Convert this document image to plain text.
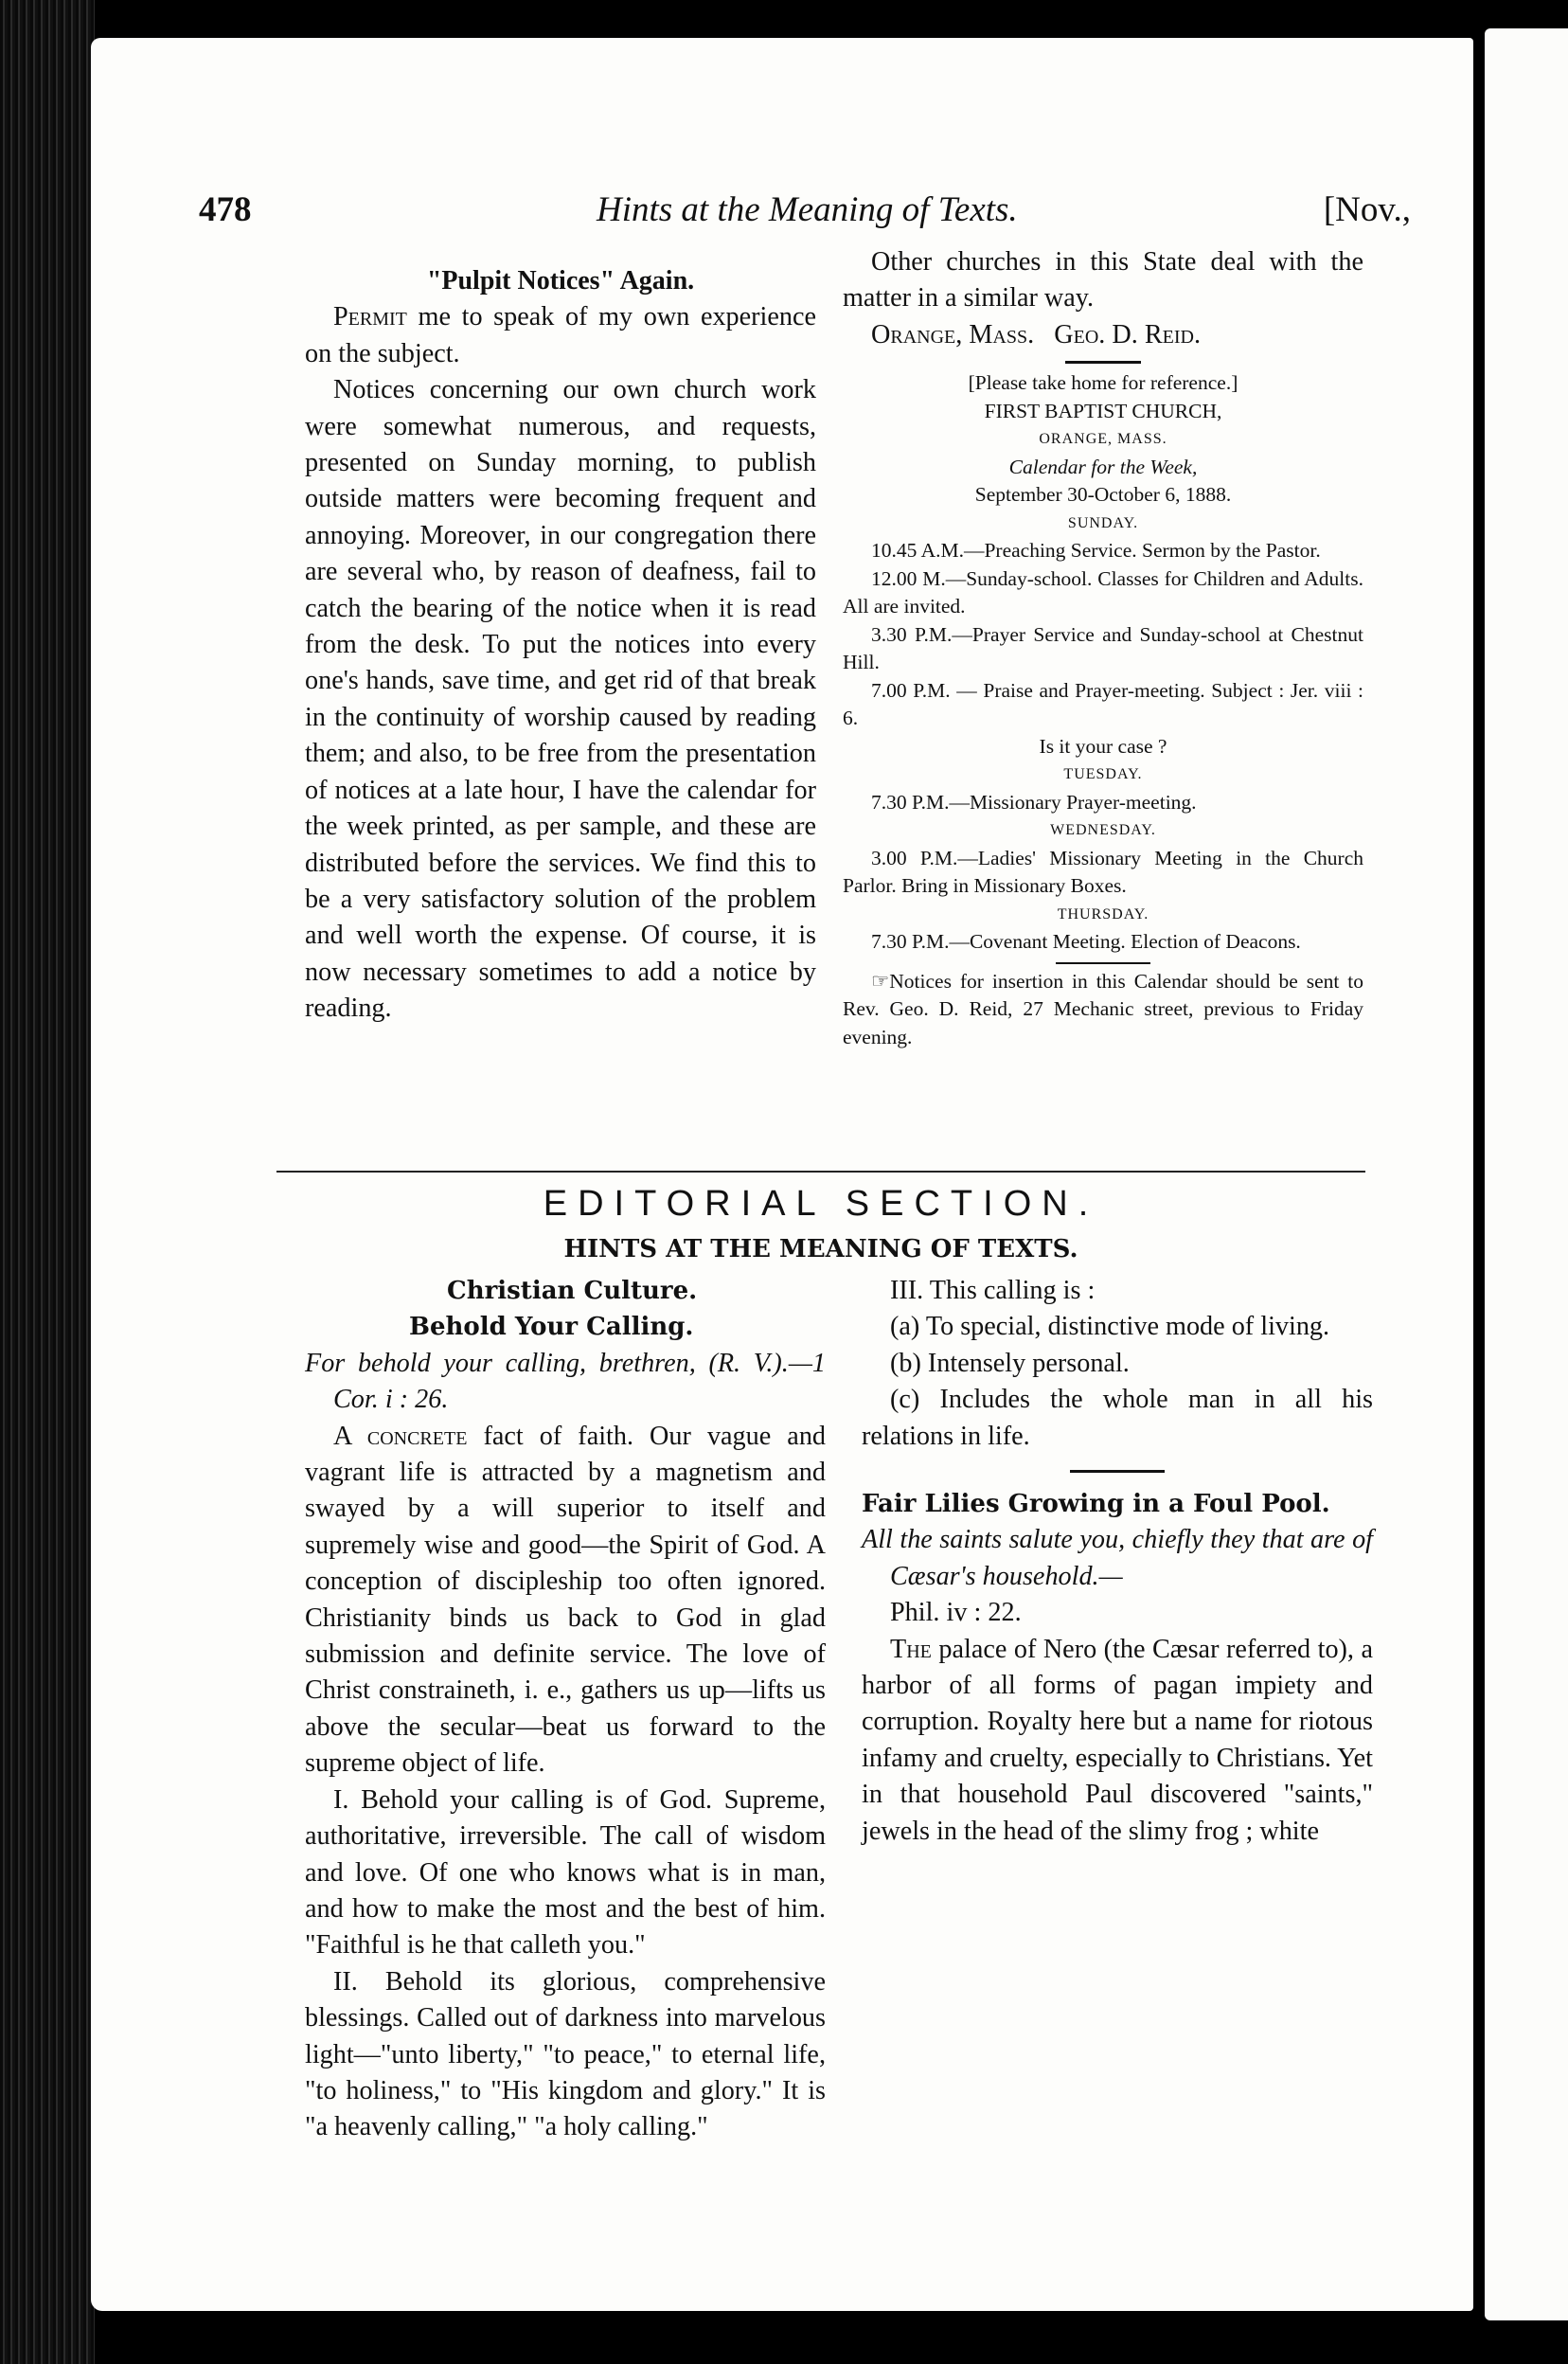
478	Hints at the Meaning of Texts.	[Nov.,

"Pulpit Notices" Again.

Permit me to speak of my own experience on the subject.

Notices concerning our own church work were somewhat numerous, and requests, presented on Sunday morning, to publish outside matters were becoming frequent and annoying. Moreover, in our congregation there are several who, by reason of deafness, fail to catch the bearing of the notice when it is read from the desk. To put the notices into every one's hands, save time, and get rid of that break in the continuity of worship caused by reading them; and also, to be free from the presentation of notices at a late hour, I have the calendar for the week printed, as per sample, and these are distributed before the services. We find this to be a very satisfactory solution of the problem and well worth the expense. Of course, it is now necessary sometimes to add a notice by reading.

Other churches in this State deal with the matter in a similar way.

Orange, Mass. Geo. D. Reid.

[Please take home for reference.]

FIRST BAPTIST CHURCH,

ORANGE, MASS.

Calendar for the Week,

September 30-October 6, 1888.

SUNDAY.

10.45 A.M.—Preaching Service. Sermon by the Pastor.

12.00 M.—Sunday-school. Classes for Children and Adults. All are invited.

3.30 P.M.—Prayer Service and Sunday-school at Chestnut Hill.

7.00 P.M. — Praise and Prayer-meeting. Subject : Jer. viii : 6.

Is it your case ?

TUESDAY.

7.30 P.M.—Missionary Prayer-meeting.

WEDNESDAY.

3.00 P.M.—Ladies' Missionary Meeting in the Church Parlor. Bring in Missionary Boxes.

THURSDAY.

7.30 P.M.—Covenant Meeting. Election of Deacons.

☞Notices for insertion in this Calendar should be sent to Rev. Geo. D. Reid, 27 Mechanic street, previous to Friday evening.

EDITORIAL SECTION.
HINTS AT THE MEANING OF TEXTS.

Christian Culture.

Behold Your Calling.

For behold your calling, brethren, (R. V.).—1 Cor. i : 26.

A concrete fact of faith. Our vague and vagrant life is attracted by a magnetism and swayed by a will superior to itself and supremely wise and good—the Spirit of God. A conception of discipleship too often ignored. Christianity binds us back to God in glad submission and definite service. The love of Christ constraineth, i. e., gathers us up—lifts us above the secular—beat us forward to the supreme object of life.

I. Behold your calling is of God. Supreme, authoritative, irreversible. The call of wisdom and love. Of one who knows what is in man, and how to make the most and the best of him. "Faithful is he that calleth you."

II. Behold its glorious, comprehensive blessings. Called out of darkness into marvelous light—"unto liberty," "to peace," to eternal life, "to holiness," to "His kingdom and glory." It is "a heavenly calling," "a holy calling."

III. This calling is :

(a) To special, distinctive mode of living.

(b) Intensely personal.

(c) Includes the whole man in all his relations in life.

Fair Lilies Growing in a Foul Pool.

All the saints salute you, chiefly they that are of Cæsar's household.—

Phil. iv : 22.

The palace of Nero (the Cæsar referred to), a harbor of all forms of pagan impiety and corruption. Royalty here but a name for riotous infamy and cruelty, especially to Christians. Yet in that household Paul discovered "saints," jewels in the head of the slimy frog ; white
